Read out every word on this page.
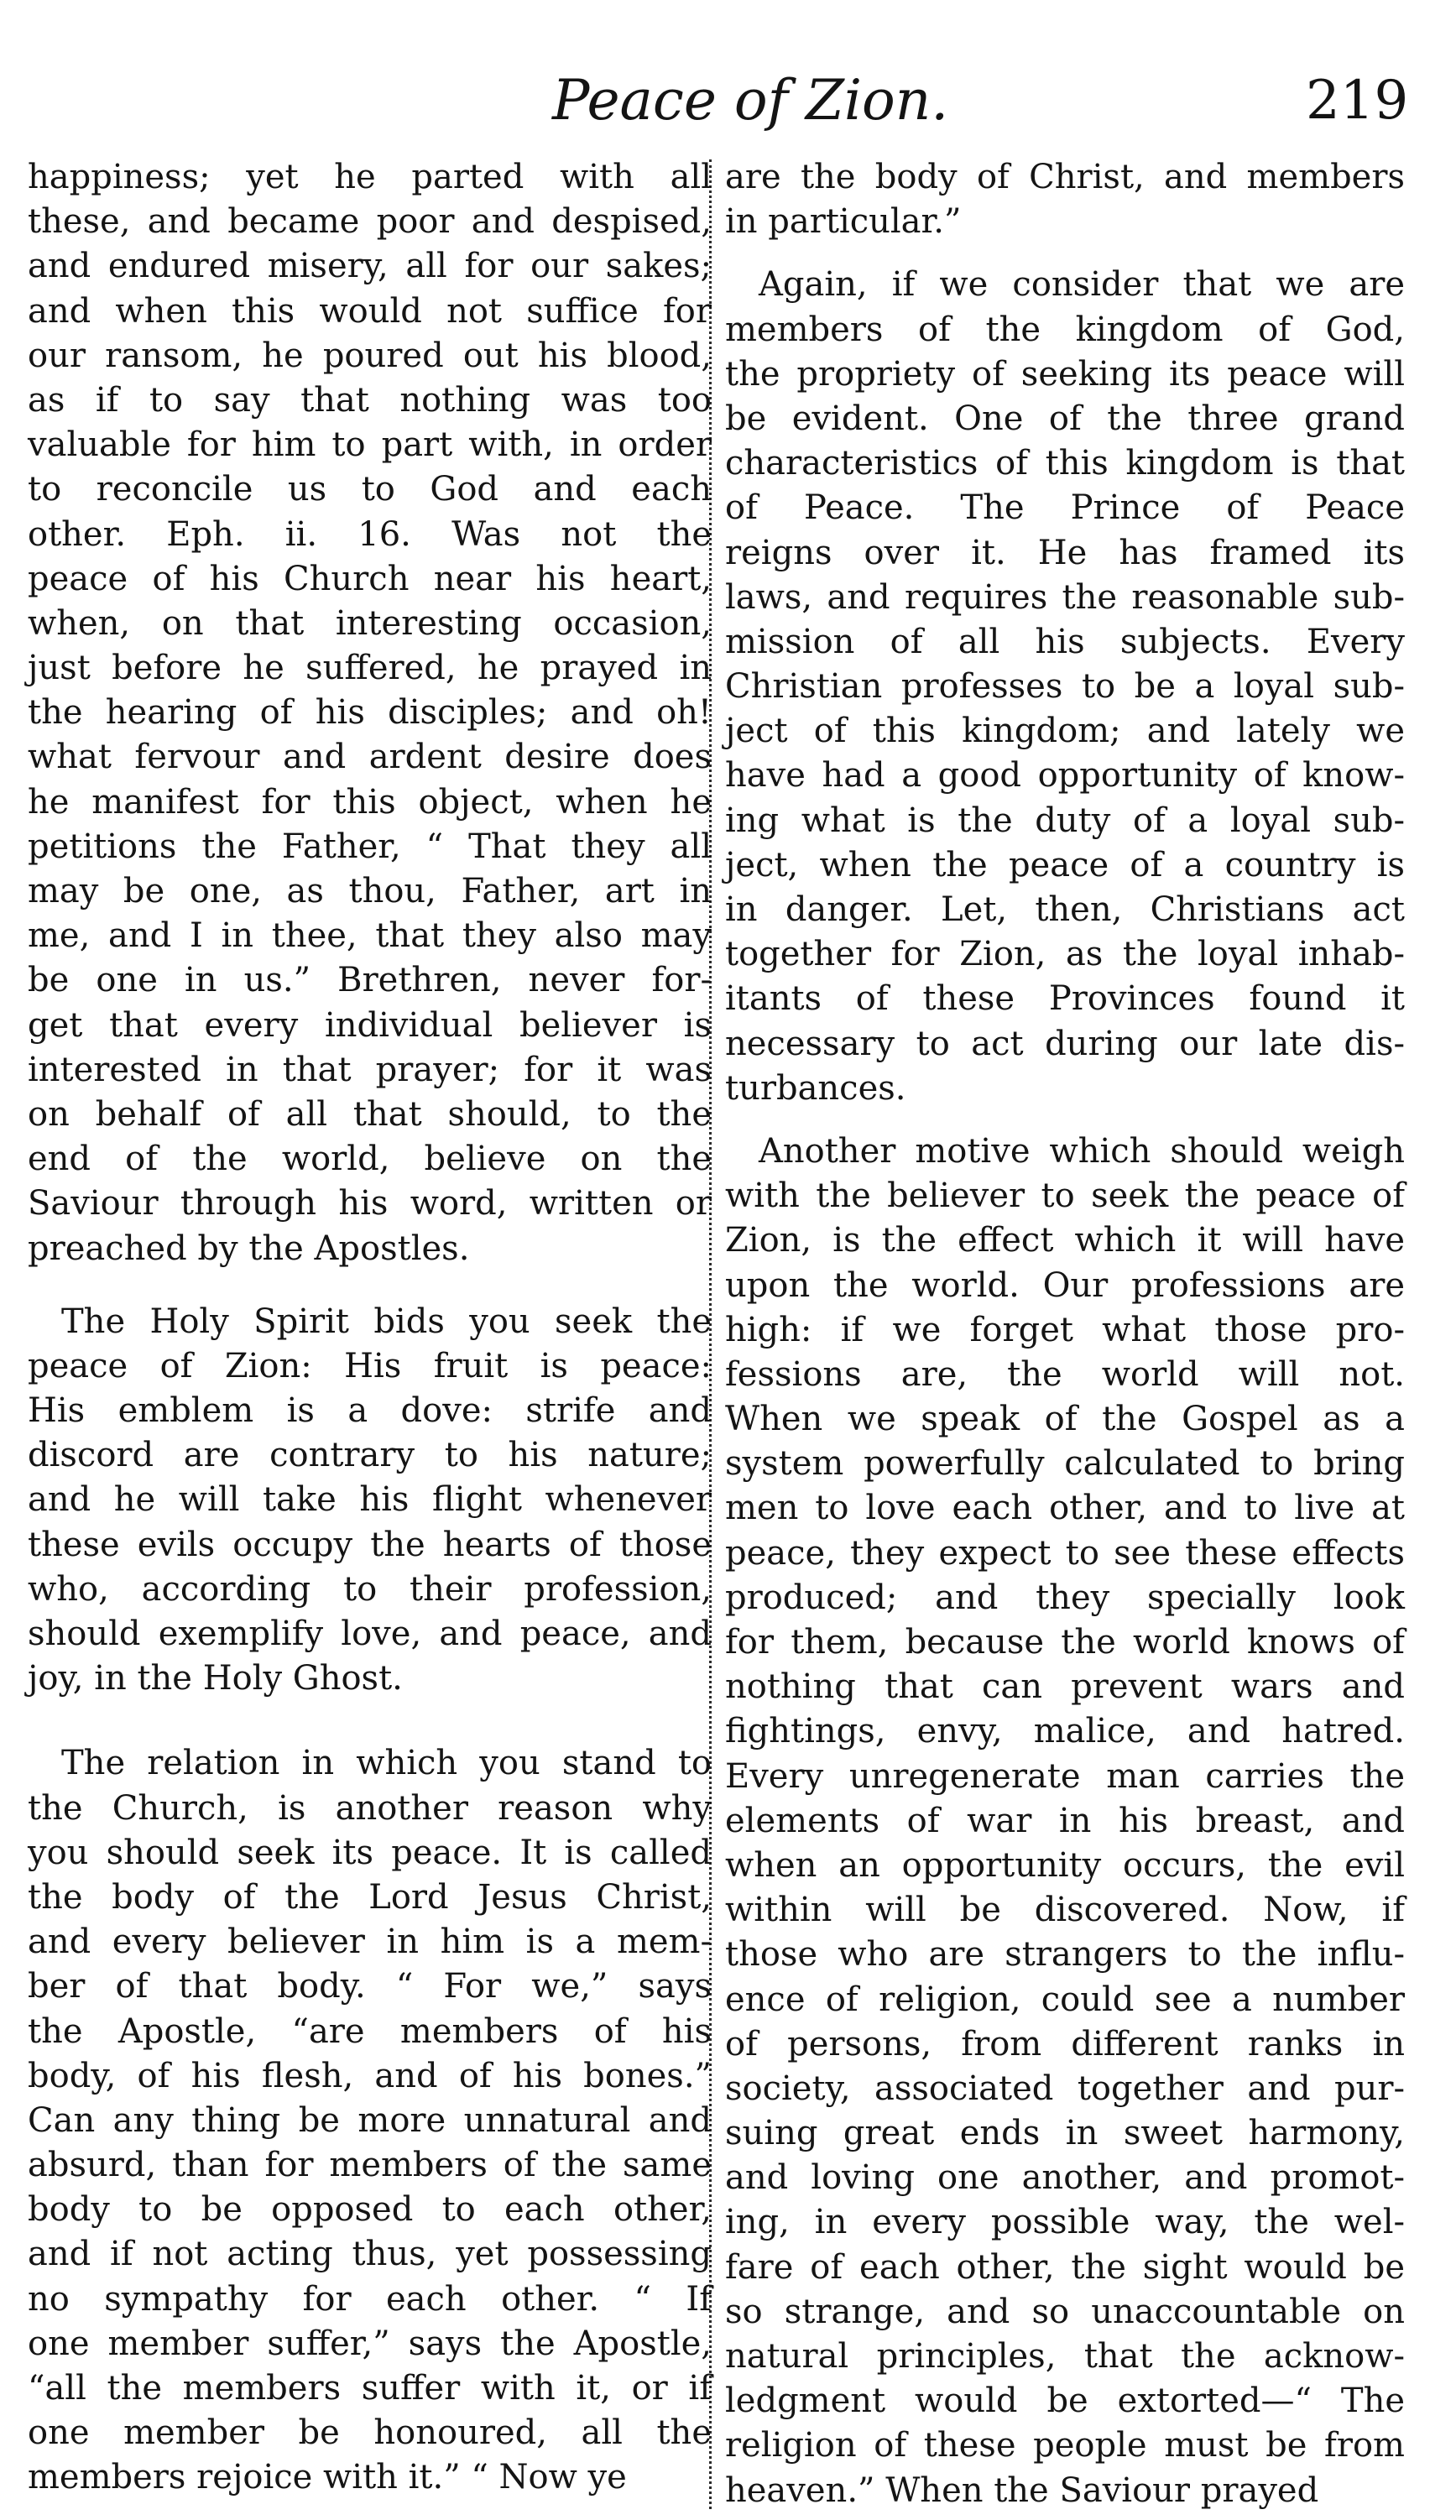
Peace of Zion.	219
happiness; yet he parted with all
these, and became poor and despised,
and endured misery, all for our sakes;
and when this would not suffice for
our ransom, he poured out his blood,
as if to say that nothing was too
valuable for him to part with, in order
to reconcile us to God and each
other. Eph. ii. 16. Was not the
peace of his Church near his heart,
when, on that interesting occasion,
just before he suffered, he prayed in
the hearing of his disciples; and oh!
what fervour and ardent desire does
he manifest for this object, when he
petitions the Father, “ That they all
may be one, as thou, Father, art in
me, and I in thee, that they also may
be one in us.” Brethren, never for-
get that every individual believer is
interested in that prayer; for it was
on behalf of all that should, to the
end of the world, believe on the
Saviour through his word, written or
preached by the Apostles.
The Holy Spirit bids you seek the
peace of Zion: His fruit is peace:
His emblem is a dove: strife and
discord are contrary to his nature;
and he will take his flight whenever
these evils occupy the hearts of those
who, according to their profession,
should exemplify love, and peace, and
joy, in the Holy Ghost.
The relation in which you stand to
the Church, is another reason why
you should seek its peace. It is called
the body of the Lord Jesus Christ,
and every believer in him is a mem-
ber of that body. “ For we,” says
the Apostle, “are members of his
body, of his flesh, and of his bones.”
Can any thing be more unnatural and
absurd, than for members of the same
body to be opposed to each other,
and if not acting thus, yet possessing
no sympathy for each other. “ If
one member suffer,” says the Apostle,
“all the members suffer with it, or if
one member be honoured, all the
members rejoice with it.” “ Now ye
are the body of Christ, and members
in particular.”
Again, if we consider that we are
members of the kingdom of God,
the propriety of seeking its peace will
be evident. One of the three grand
characteristics of this kingdom is that
of Peace. The Prince of Peace
reigns over it. He has framed its
laws, and requires the reasonable sub-
mission of all his subjects. Every
Christian professes to be a loyal sub-
ject of this kingdom; and lately we
have had a good opportunity of know-
ing what is the duty of a loyal sub-
ject, when the peace of a country is
in danger. Let, then, Christians act
together for Zion, as the loyal inhab-
itants of these Provinces found it
necessary to act during our late dis-
turbances.
Another motive which should weigh
with the believer to seek the peace of
Zion, is the effect which it will have
upon the world. Our professions are
high: if we forget what those pro-
fessions are, the world will not.
When we speak of the Gospel as a
system powerfully calculated to bring
men to love each other, and to live at
peace, they expect to see these effects
produced; and they specially look
for them, because the world knows of
nothing that can prevent wars and
fightings, envy, malice, and hatred.
Every unregenerate man carries the
elements of war in his breast, and
when an opportunity occurs, the evil
within will be discovered. Now, if
those who are strangers to the influ-
ence of religion, could see a number
of persons, from different ranks in
society, associated together and pur-
suing great ends in sweet harmony,
and loving one another, and promot-
ing, in every possible way, the wel-
fare of each other, the sight would be
so strange, and so unaccountable on
natural principles, that the acknow-
ledgment would be extorted—“ The
religion of these people must be from
heaven.” When the Saviour prayed
